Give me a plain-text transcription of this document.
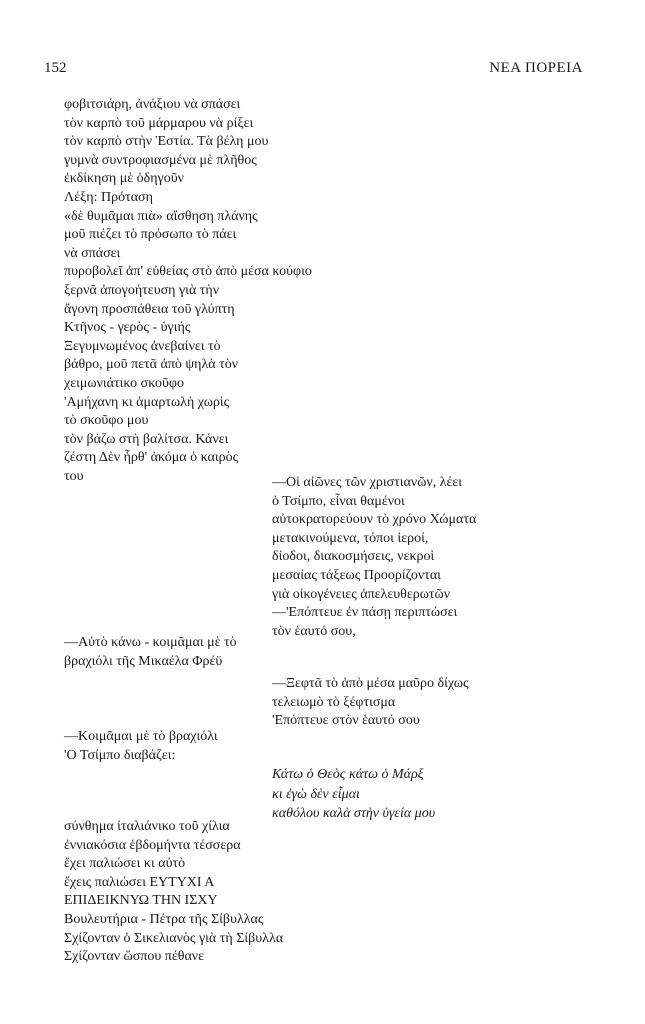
152	ΝΕΑ ΠΟΡΕΙΑ
φοβιτσιάρη, ἀνάξιου νὰ σπάσει
τὸν καρπὸ τοῦ μάρμαρου νὰ ρίξει
τὸν καρπὸ στὴν Ἑστία. Τὰ βέλη μου
γυμνὰ συντροφιασμένα μὲ πλῆθος
ἐκδίκηση μὲ ὁδηγοῦν
Λέξη: Πρόταση
«δὲ θυμᾶμαι πιὰ» αἴσθηση πλάνης
μοῦ πιέζει τὸ πρόσωπο τὸ πάει
νὰ σπάσει
πυροβολεῖ ἀπ' εὐθείας στὸ ἀπὸ μέσα κούφιο
ξερνᾶ ἀπογοήτευση γιὰ τὴν
ἄγονη προσπάθεια τοῦ γλύπτη
Κτῆνος - γερὸς - ὑγιής
Ξεγυμνωμένος ἀνεβαίνει τὸ
βάθρο, μοῦ πετᾶ ἀπὸ ψηλὰ τὸν
χειμωνιάτικο σκοῦφο
'Αμήχανη κι ἁμαρτωλὴ χωρὶς
τὸ σκοῦφο μου
τὸν βάζω στὴ βαλίτσα. Κάνει
ζέστη Δὲν ἦρθ' ἀκόμα ὁ καιρὸς
του	—Οἱ αἰῶνες τῶν χριστιανῶν, λέει
ὁ Τσίμπο, εἶναι θαμένοι
αὐτοκρατορεύουν τὸ χρόνο Χώματα
μετακινούμενα, τόποι ἱεροί,
δίοδοι, διακοσμήσεις, νεκροὶ
μεσαίας τάξεως Προορίζονται
γιὰ οἰκογένειες ἀπελευθερωτῶν
—'Επόπτευε ἐν πάσῃ περιπτώσει
τὸν ἑαυτό σου,
—Αὐτὸ κάνω - κοιμᾶμαι μὲ τὸ
βραχιόλι τῆς Μικαέλα Φρέϋ
—Ξεφτᾶ τὸ ἀπὸ μέσα μαῦρο δίχως
τελειωμὸ τὸ ξέφτισμα
'Επόπτευε στὸν ἑαυτό σου
—Κοιμᾶμαι μὲ τὸ βραχιόλι
'Ο Τσίμπο διαβάζει:
Κάτω ὁ Θεὸς κάτω ὁ Μάρξ
κι ἐγὼ δὲν εἶμαι
καθόλου καλὰ στὴν ὑγεία μου
σύνθημα ἰταλιάνικο τοῦ χίλια
ἐννιακόσια ἑβδομήντα τέσσερα
ἔχει παλιώσει κι αὐτὸ
ἔχεις παλιώσει ΕΥΤΥΧΙ Α
ΕΠΙΔΕΙΚΝΥΩ ΤΗΝ ΙΣΧΥ
Βουλευτήρια - Πέτρα τῆς Σίβυλλας
Σχίζονταν ὁ Σικελιανὸς γιὰ τὴ Σίβυλλα
Σχίζονταν ὥσπου πέθανε
